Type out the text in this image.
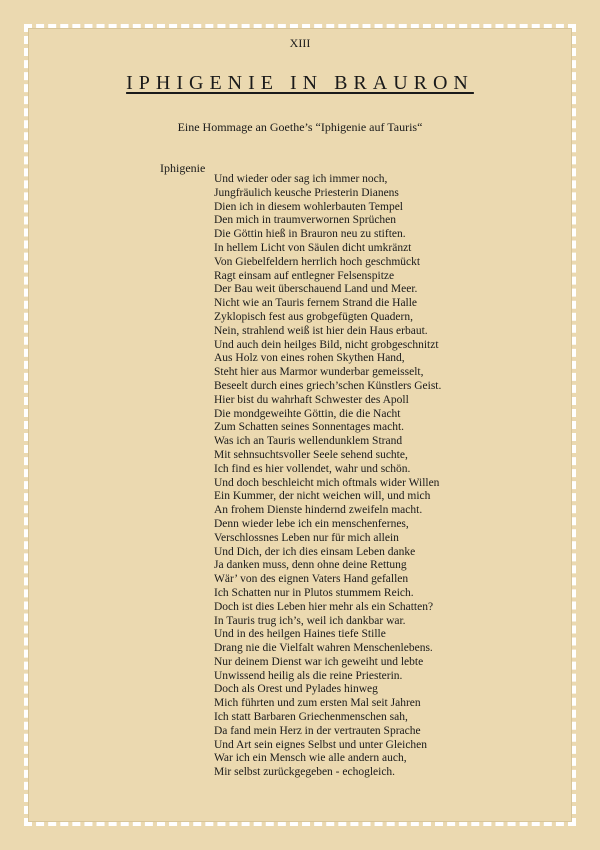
XIII
IPHIGENIE IN BRAURON
Eine Hommage an Goethe’s “Iphigenie auf Tauris“
Iphigenie
Und wieder oder sag ich immer noch,
Jungfräulich keusche Priesterin Dianens
Dien ich in diesem wohlerbauten Tempel
Den mich in traumverwornen Sprüchen
Die Göttin hieß in Brauron neu zu stiften.
In hellem Licht von Säulen dicht umkränzt
Von Giebelfeldern herrlich hoch geschmückt
Ragt einsam auf entlegner Felsenspitze
Der Bau weit überschauend Land und Meer.
Nicht wie an Tauris fernem Strand die Halle
Zyklopisch fest aus grobgefügten Quadern,
Nein, strahlend weiß ist hier dein Haus erbaut.
Und auch dein heilges Bild, nicht grobgeschnitzt
Aus Holz von eines rohen Skythen Hand,
Steht hier aus Marmor wunderbar gemeisselt,
Beseelt durch eines griech’schen Künstlers Geist.
Hier bist du wahrhaft Schwester des Apoll
Die mondgeweihte Göttin, die die Nacht
Zum Schatten seines Sonnentages macht.
Was ich an Tauris wellendunklem Strand
Mit sehnsuchtsvoller Seele sehend suchte,
Ich find es hier vollendet, wahr und schön.
Und doch beschleicht mich oftmals wider Willen
Ein Kummer, der nicht weichen will, und mich
An frohem Dienste hindernd zweifeln macht.
Denn wieder lebe ich ein menschenfernes,
Verschlossnes Leben nur für mich allein
Und Dich, der ich dies einsam Leben danke
Ja danken muss, denn ohne deine Rettung
Wär’ von des eignen Vaters Hand gefallen
Ich Schatten nur in Plutos stummem Reich.
Doch ist dies Leben hier mehr als ein Schatten?
In Tauris trug ich’s, weil ich dankbar war.
Und in des heilgen Haines tiefe Stille
Drang nie die Vielfalt wahren Menschenlebens.
Nur deinem Dienst war ich geweiht und lebte
Unwissend heilig als die reine Priesterin.
Doch als Orest und Pylades hinweg
Mich führten und zum ersten Mal seit Jahren
Ich statt Barbaren Griechenmenschen sah,
Da fand mein Herz in der vertrauten Sprache
Und Art sein eignes Selbst und unter Gleichen
War ich ein Mensch wie alle andern auch,
Mir selbst zurückgegeben - echogleich.
